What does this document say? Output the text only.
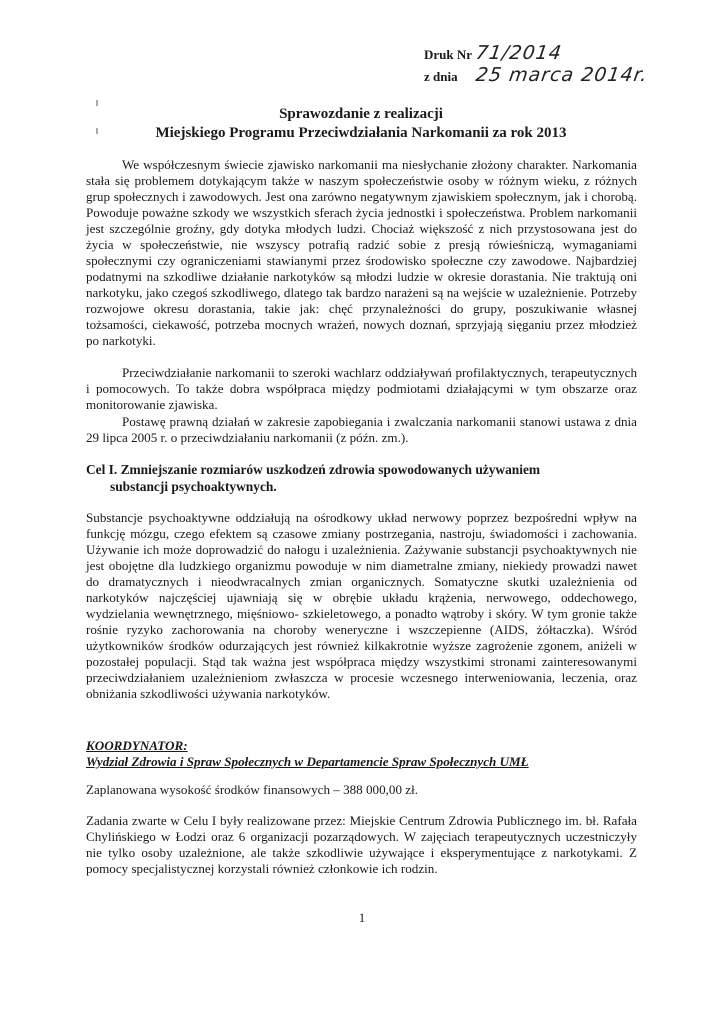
Druk Nr 71/2014
z dnia 25 marca 2014r.
Sprawozdanie z realizacji
Miejskiego Programu Przeciwdziałania Narkomanii za rok 2013

We współczesnym świecie zjawisko narkomanii ma niesłychanie złożony charakter. Narkomania stała się problemem dotykającym także w naszym społeczeństwie osoby w różnym wieku, z różnych grup społecznych i zawodowych. Jest ona zarówno negatywnym zjawiskiem społecznym, jak i chorobą. Powoduje poważne szkody we wszystkich sferach życia jednostki i społeczeństwa. Problem narkomanii jest szczególnie groźny, gdy dotyka młodych ludzi. Chociaż większość z nich przystosowana jest do życia w społeczeństwie, nie wszyscy potrafią radzić sobie z presją rówieśniczą, wymaganiami społecznymi czy ograniczeniami stawianymi przez środowisko społeczne czy zawodowe. Najbardziej podatnymi na szkodliwe działanie narkotyków są młodzi ludzie w okresie dorastania. Nie traktują oni narkotyku, jako czegoś szkodliwego, dlatego tak bardzo narażeni są na wejście w uzależnienie. Potrzeby rozwojowe okresu dorastania, takie jak: chęć przynależności do grupy, poszukiwanie własnej tożsamości, ciekawość, potrzeba mocnych wrażeń, nowych doznań, sprzyjają sięganiu przez młodzież po narkotyki.

Przeciwdziałanie narkomanii to szeroki wachlarz oddziaływań profilaktycznych, terapeutycznych i pomocowych. To także dobra współpraca między podmiotami działającymi w tym obszarze oraz monitorowanie zjawiska.

Postawę prawną działań w zakresie zapobiegania i zwalczania narkomanii stanowi ustawa z dnia 29 lipca 2005 r. o przeciwdziałaniu narkomanii (z późn. zm.).

Cel I. Zmniejszanie rozmiarów uszkodzeń zdrowia spowodowanych używaniem
substancji psychoaktywnych.

Substancje psychoaktywne oddziałują na ośrodkowy układ nerwowy poprzez bezpośredni wpływ na funkcję mózgu, czego efektem są czasowe zmiany postrzegania, nastroju, świadomości i zachowania. Używanie ich może doprowadzić do nałogu i uzależnienia. Zażywanie substancji psychoaktywnych nie jest obojętne dla ludzkiego organizmu powoduje w nim diametralne zmiany, niekiedy prowadzi nawet do dramatycznych i nieodwracalnych zmian organicznych. Somatyczne skutki uzależnienia od narkotyków najczęściej ujawniają się w obrębie układu krążenia, nerwowego, oddechowego, wydzielania wewnętrznego, mięśniowo- szkieletowego, a ponadto wątroby i skóry. W tym gronie także rośnie ryzyko zachorowania na choroby weneryczne i wszczepienne (AIDS, żółtaczka). Wśród użytkowników środków odurzających jest również kilkakrotnie wyższe zagrożenie zgonem, aniżeli w pozostałej populacji. Stąd tak ważna jest współpraca między wszystkimi stronami zainteresowanymi przeciwdziałaniem uzależnieniom zwłaszcza w procesie wczesnego interweniowania, leczenia, oraz obniżania szkodliwości używania narkotyków.

KOORDYNATOR:
Wydział Zdrowia i Spraw Społecznych w Departamencie Spraw Społecznych UMŁ

Zaplanowana wysokość środków finansowych – 388 000,00 zł.

Zadania zwarte w Celu I były realizowane przez: Miejskie Centrum Zdrowia Publicznego im. bł. Rafała Chylińskiego w Łodzi oraz 6 organizacji pozarządowych. W zajęciach terapeutycznych uczestniczyły nie tylko osoby uzależnione, ale także szkodliwie używające i eksperymentujące z narkotykami. Z pomocy specjalistycznej korzystali również członkowie ich rodzin.

1
